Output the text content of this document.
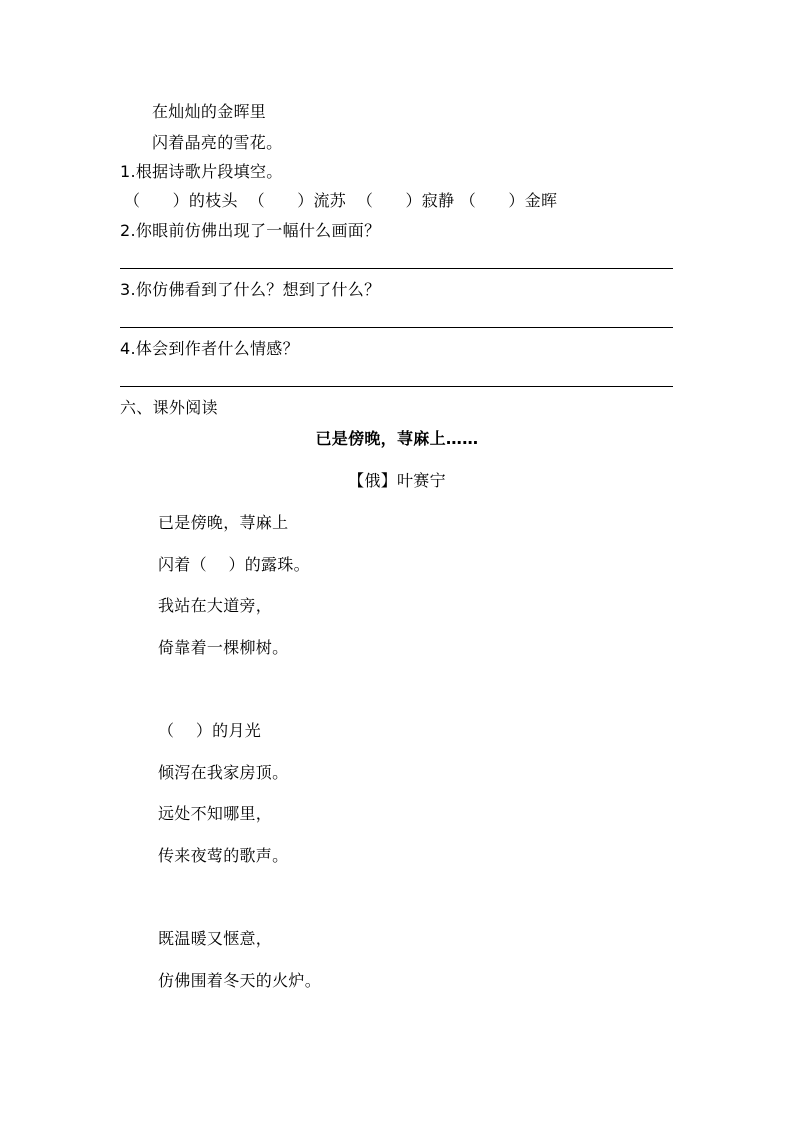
在灿灿的金晖里
闪着晶亮的雪花。
1.根据诗歌片段填空。
（      ）的枝头  （      ）流苏  （      ）寂静 （      ）金晖
2.你眼前仿佛出现了一幅什么画面？
3.你仿佛看到了什么？想到了什么？
4.体会到作者什么情感？
六、课外阅读
已是傍晚，荨麻上……
【俄】叶赛宁
已是傍晚，荨麻上
闪着（    ）的露珠。
我站在大道旁，
倚靠着一棵柳树。
（    ）的月光
倾泻在我家房顶。
远处不知哪里，
传来夜莺的歌声。
既温暖又惬意，
仿佛围着冬天的火炉。
